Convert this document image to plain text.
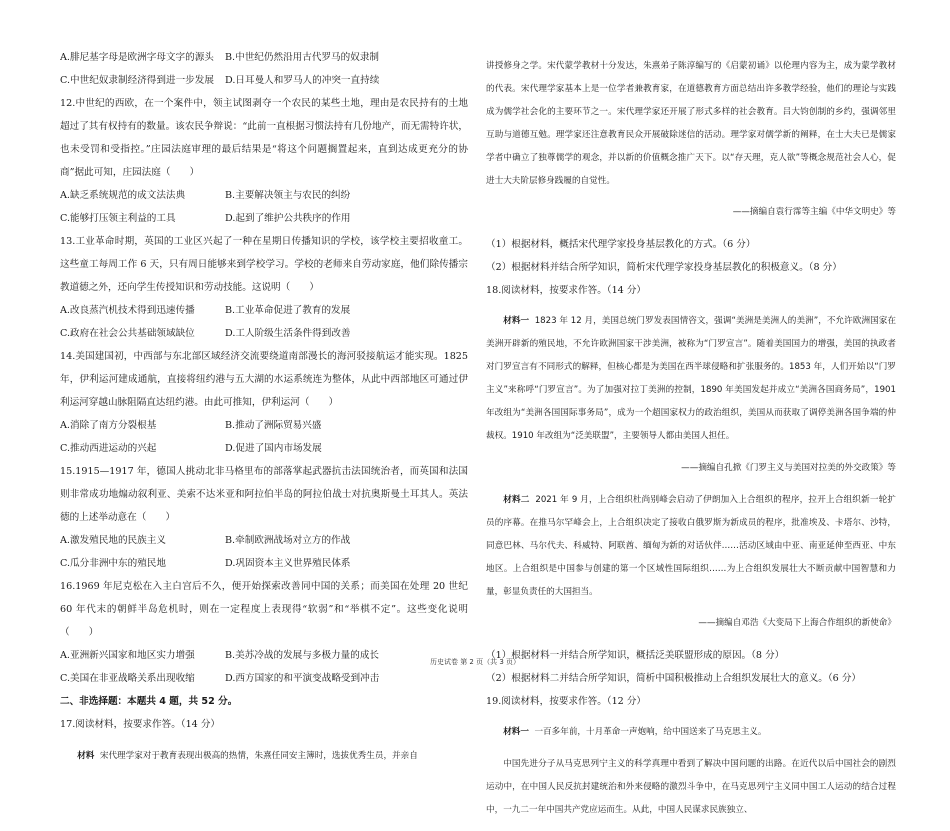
A.腓尼基字母是欧洲字母文字的源头	B.中世纪仍然沿用古代罗马的奴隶制
C.中世纪奴隶制经济得到进一步发展	D.日耳曼人和罗马人的冲突一直持续

12.中世纪的西欧，在一个案件中，领主试图剥夺一个农民的某些土地，理由是农民持有的土地超过了其有权持有的数量。该农民争辩说：“此前一直根据习惯法持有几份地产，而无需特许状，也未受罚和受指控。”庄园法庭审理的最后结果是“将这个问题搁置起来，直到达成更充分的协商”据此可知，庄园法庭（　　）

A.缺乏系统规范的成文法法典	B.主要解决领主与农民的纠纷
C.能够打压领主利益的工具	D.起到了维护公共秩序的作用

13.工业革命时期，英国的工业区兴起了一种在星期日传播知识的学校，该学校主要招收童工。这些童工每周工作 6 天，只有周日能够来到学校学习。学校的老师来自劳动家庭，他们除传播宗教道德之外，还向学生传授知识和劳动技能。这说明（　　）

A.改良蒸汽机技术得到迅速传播	B.工业革命促进了教育的发展
C.政府在社会公共基础领域缺位	D.工人阶级生活条件得到改善

14.美国建国初，中西部与东北部区域经济交流要绕道南部漫长的海河驳接航运才能实现。1825 年，伊利运河建成通航，直接将纽约港与五大湖的水运系统连为整体，从此中西部地区可通过伊利运河穿越山脉阻隔直达纽约港。由此可推知，伊利运河（　　）

A.消除了南方分裂根基	B.推动了洲际贸易兴盛
C.推动西进运动的兴起	D.促进了国内市场发展

15.1915—1917 年，德国人挑动北非马格里布的部落掌起武器抗击法国统治者，而英国和法国则非常成功地煽动叙利亚、美索不达米亚和阿拉伯半岛的阿拉伯战士对抗奥斯曼土耳其人。英法德的上述举动意在（　　）

A.激发殖民地的民族主义	B.牵制欧洲战场对立方的作战
C.瓜分非洲中东的殖民地	D.巩固资本主义世界殖民体系

16.1969 年尼克松在入主白宫后不久，便开始探索改善同中国的关系；而美国在处理 20 世纪 60 年代末的朝鲜半岛危机时，则在一定程度上表现得“软弱”和“举棋不定”。这些变化说明（　　）

A.亚洲新兴国家和地区实力增强	B.美苏冷战的发展与多极力量的成长
C.美国在非亚战略关系出现收缩	D.西方国家的和平演变战略受到冲击

二、非选择题：本题共 4 题，共 52 分。

17.阅读材料，按要求作答。（14 分）

材料 宋代理学家对于教育表现出极高的热情，朱熹任同安主簿时，选拔优秀生员，并亲自

讲授修身之学。宋代蒙学教材十分发达，朱熹弟子陈淳编写的《启蒙初诵》以伦理内容为主，成为蒙学教材的代表。宋代理学家基本上是一位学者兼教育家，在道德教育方面总结出许多教学经验，他们的理论与实践成为儒学社会化的主要环节之一。宋代理学家还开展了形式多样的社会教育。吕大钧创制的乡约，强调邻里互助与道德互勉。理学家还注意教育民众开展破除迷信的活动。理学家对儒学新的阐释，在士大夫已是儒家学者中确立了独尊儒学的观念，并以新的价值概念推广天下。以“存天理，克人欲”等概念规范社会人心，促进士大夫阶层修身践履的自觉性。

——摘编自袁行霈等主编《中华文明史》等

（1）根据材料，概括宋代理学家投身基层教化的方式。（6 分）

（2）根据材料并结合所学知识，简析宋代理学家投身基层教化的积极意义。（8 分）

18.阅读材料，按要求作答。（14 分）

材料一 1823 年 12 月，美国总统门罗发表国情咨文，强调“美洲是美洲人的美洲”，不允许欧洲国家在美洲开辟新的殖民地，不允许欧洲国家干涉美洲，被称为“门罗宣言”。随着美国国力的增强，美国的执政者对门罗宣言有不同形式的解释，但核心都是为美国在西半球侵略和扩张服务的。1853 年，人们开始以“门罗主义”来称呼“门罗宣言”。为了加强对拉丁美洲的控制，1890 年美国发起并成立“美洲各国商务局”，1901 年改组为“美洲各国国际事务局”，成为一个超国家权力的政治组织，美国从而获取了调停美洲各国争端的仲裁权。1910 年改组为“泛美联盟”，主要领导人都由美国人担任。

——摘编自孔掀《门罗主义与美国对拉美的外交政策》等

材料二 2021 年 9 月，上合组织杜尚别峰会启动了伊朗加入上合组织的程序，拉开上合组织新一轮扩员的序幕。在推马尔罕峰会上，上合组织决定了接收白俄罗斯为新成员的程序，批准埃及、卡塔尔、沙特，同意巴林、马尔代夫、科威特、阿联酋、缅甸为新的对话伙伴……活动区域由中亚、南亚延伸至西亚、中东地区。上合组织是中国参与创建的第一个区域性国际组织……为上合组织发展壮大不断贡献中国智慧和力量，彰显负责任的大国担当。

——摘编自邓浩《大变局下上海合作组织的新使命》

（1）根据材料一并结合所学知识，概括泛美联盟形成的原因。（8 分）

（2）根据材料二并结合所学知识，简析中国积极推动上合组织发展壮大的意义。（6 分）

19.阅读材料，按要求作答。（12 分）

材料一 一百多年前，十月革命一声炮响，给中国送来了马克思主义。

中国先进分子从马克思列宁主义的科学真理中看到了解决中国问题的出路。在近代以后中国社会的剧烈运动中，在中国人民反抗封建统治和外来侵略的激烈斗争中，在马克思列宁主义同中国工人运动的结合过程中，一九二一年中国共产党应运而生。从此，中国人民谋求民族独立、

历史试卷 第 2 页（共 3 页）
